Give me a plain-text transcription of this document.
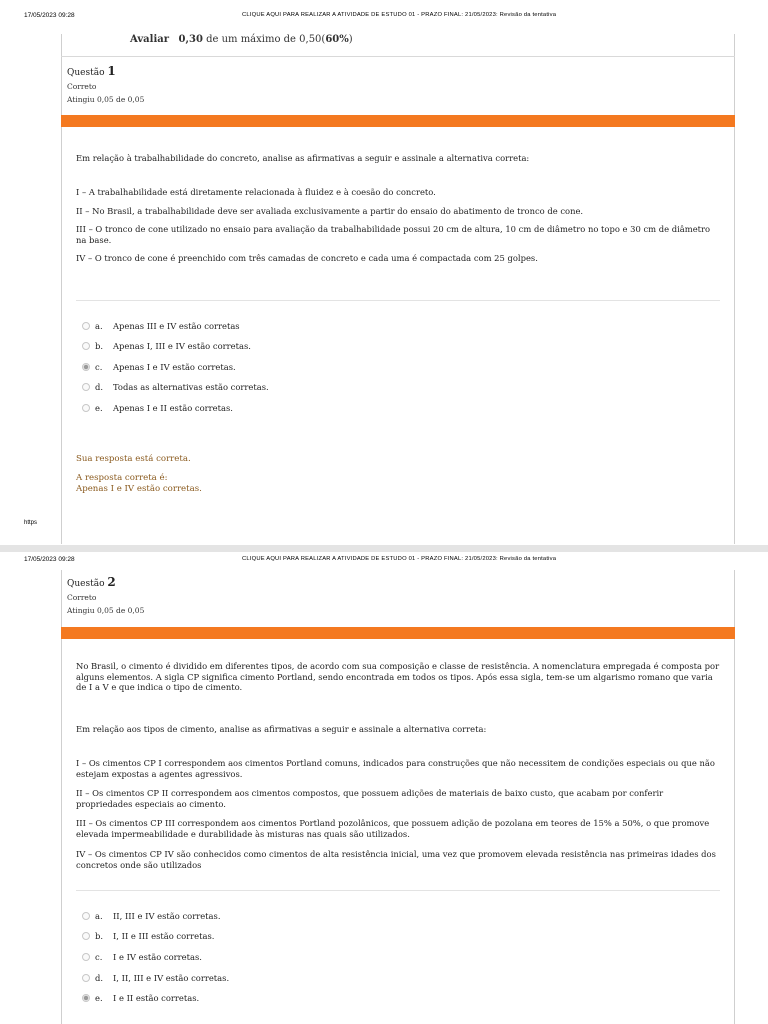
17/05/2023 09:28	CLIQUE AQUI PARA REALIZAR A ATIVIDADE DE ESTUDO 01 - PRAZO FINAL: 21/05/2023: Revisão da tentativa
Avaliar 0,30 de um máximo de 0,50(60%)
Questão 1
Correto
Atingiu 0,05 de 0,05
Em relação à trabalhabilidade do concreto, analise as afirmativas a seguir e assinale a alternativa correta:
I – A trabalhabilidade está diretamente relacionada à fluidez e à coesão do concreto.
II – No Brasil, a trabalhabilidade deve ser avaliada exclusivamente a partir do ensaio do abatimento de tronco de cone.
III – O tronco de cone utilizado no ensaio para avaliação da trabalhabilidade possui 20 cm de altura, 10 cm de diâmetro no topo e 30 cm de diâmetro na base.
IV – O tronco de cone é preenchido com três camadas de concreto e cada uma é compactada com 25 golpes.
a. Apenas III e IV estão corretas
b. Apenas I, III e IV estão corretas.
c. Apenas I e IV estão corretas.
d. Todas as alternativas estão corretas.
e. Apenas I e II estão corretas.
Sua resposta está correta.
A resposta correta é:
Apenas I e IV estão corretas.
https
17/05/2023 09:28	CLIQUE AQUI PARA REALIZAR A ATIVIDADE DE ESTUDO 01 - PRAZO FINAL: 21/05/2023: Revisão da tentativa
Questão 2
Correto
Atingiu 0,05 de 0,05
No Brasil, o cimento é dividido em diferentes tipos, de acordo com sua composição e classe de resistência. A nomenclatura empregada é composta por alguns elementos. A sigla CP significa cimento Portland, sendo encontrada em todos os tipos. Após essa sigla, tem-se um algarismo romano que varia de I a V e que indica o tipo de cimento.
Em relação aos tipos de cimento, analise as afirmativas a seguir e assinale a alternativa correta:
I – Os cimentos CP I correspondem aos cimentos Portland comuns, indicados para construções que não necessitem de condições especiais ou que não estejam expostas a agentes agressivos.
II – Os cimentos CP II correspondem aos cimentos compostos, que possuem adições de materiais de baixo custo, que acabam por conferir propriedades especiais ao cimento.
III – Os cimentos CP III correspondem aos cimentos Portland pozolânicos, que possuem adição de pozolana em teores de 15% a 50%, o que promove elevada impermeabilidade e durabilidade às misturas nas quais são utilizados.
IV – Os cimentos CP IV são conhecidos como cimentos de alta resistência inicial, uma vez que promovem elevada resistência nas primeiras idades dos concretos onde são utilizados
a. II, III e IV estão corretas.
b. I, II e III estão corretas.
c. I e IV estão corretas.
d. I, II, III e IV estão corretas.
e. I e II estão corretas.
